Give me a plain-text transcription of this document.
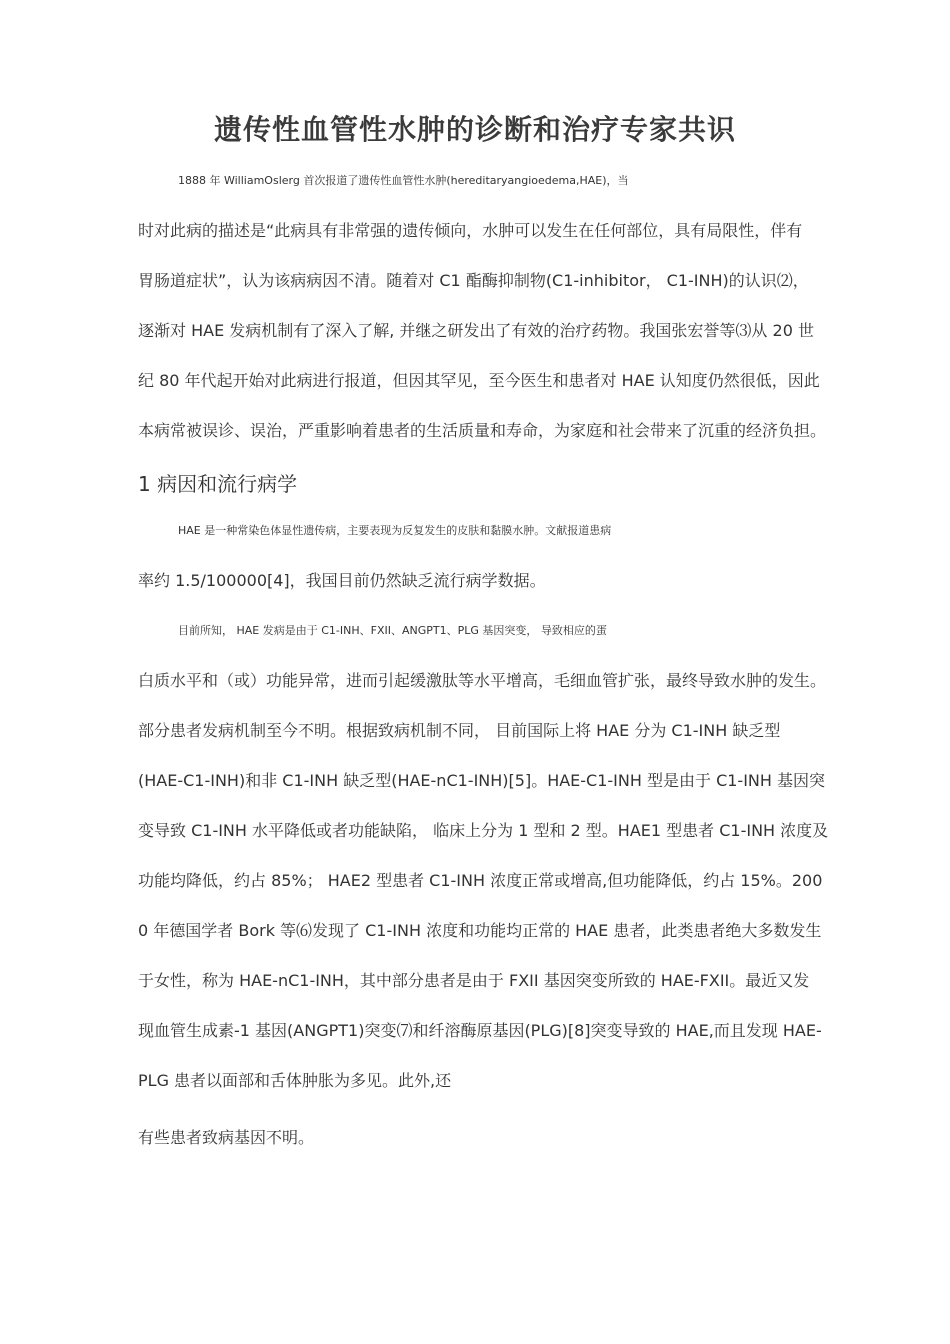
遗传性血管性水肿的诊断和治疗专家共识
1888 年 WilliamOslerg 首次报道了遗传性血管性水肿(hereditaryangioedema,HAE)，当
时对此病的描述是“此病具有非常强的遗传倾向，水肿可以发生在任何部位，具有局限性，伴有
胃肠道症状”，认为该病病因不清。随着对 C1 酯酶抑制物(C1-inhibitor， C1-INH)的认识⑵，
逐渐对 HAE 发病机制有了深入了解, 并继之研发出了有效的治疗药物。我国张宏誉等⑶从 20 世
纪 80 年代起开始对此病进行报道，但因其罕见，至今医生和患者对 HAE 认知度仍然很低，因此
本病常被误诊、误治，严重影响着患者的生活质量和寿命，为家庭和社会带来了沉重的经济负担。
1 病因和流行病学
HAE 是一种常染色体显性遗传病，主要表现为反复发生的皮肤和黏膜水肿。文献报道患病
率约 1.5/100000[4]，我国目前仍然缺乏流行病学数据。
目前所知， HAE 发病是由于 C1-INH、FXII、ANGPT1、PLG 基因突变， 导致相应的蛋
白质水平和（或）功能异常，进而引起缓激肽等水平增高，毛细血管扩张，最终导致水肿的发生。
部分患者发病机制至今不明。根据致病机制不同， 目前国际上将 HAE 分为 C1-INH 缺乏型
(HAE-C1-INH)和非 C1-INH 缺乏型(HAE-nC1-INH)[5]。HAE-C1-INH 型是由于 C1-INH 基因突
变导致 C1-INH 水平降低或者功能缺陷， 临床上分为 1 型和 2 型。HAE1 型患者 C1-INH 浓度及
功能均降低，约占 85%； HAE2 型患者 C1-INH 浓度正常或增高,但功能降低，约占 15%。200
0 年德国学者 Bork 等⑹发现了 C1-INH 浓度和功能均正常的 HAE 患者，此类患者绝大多数发生
于女性，称为 HAE-nC1-INH，其中部分患者是由于 FXII 基因突变所致的 HAE-FXII。最近又发
现血管生成素-1 基因(ANGPT1)突变⑺和纤溶酶原基因(PLG)[8]突变导致的 HAE,而且发现 HAE-
PLG 患者以面部和舌体肿胀为多见。此外,还
有些患者致病基因不明。
